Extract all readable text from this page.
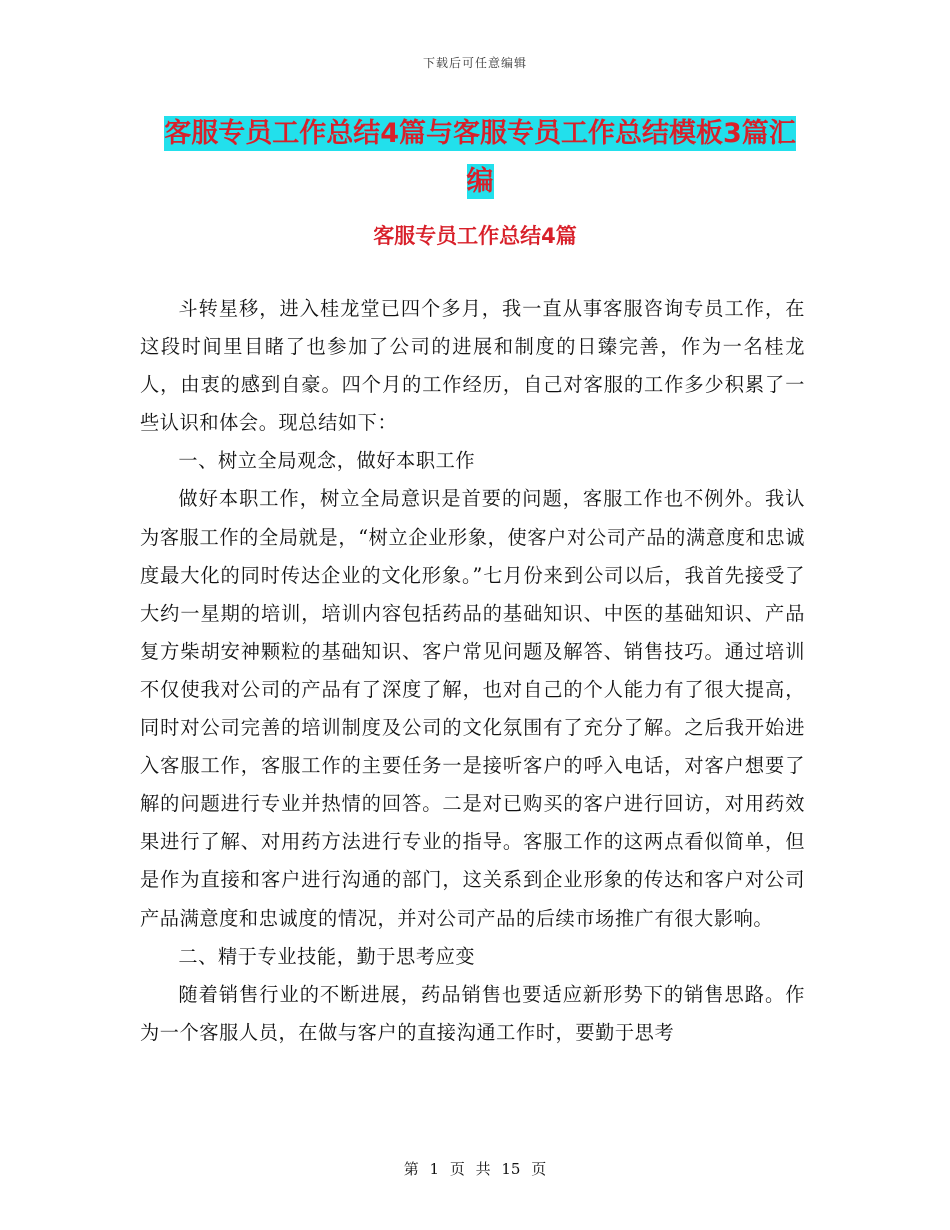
下载后可任意编辑
客服专员工作总结4篇与客服专员工作总结模板3篇汇编
客服专员工作总结4篇

斗转星移，进入桂龙堂已四个多月，我一直从事客服咨询专员工作，在这段时间里目睹了也参加了公司的进展和制度的日臻完善，作为一名桂龙人，由衷的感到自豪。四个月的工作经历，自己对客服的工作多少积累了一些认识和体会。现总结如下：

一、树立全局观念，做好本职工作

做好本职工作，树立全局意识是首要的问题，客服工作也不例外。我认为客服工作的全局就是，“树立企业形象，使客户对公司产品的满意度和忠诚度最大化的同时传达企业的文化形象。”七月份来到公司以后，我首先接受了大约一星期的培训，培训内容包括药品的基础知识、中医的基础知识、产品复方柴胡安神颗粒的基础知识、客户常见问题及解答、销售技巧。通过培训不仅使我对公司的产品有了深度了解，也对自己的个人能力有了很大提高，同时对公司完善的培训制度及公司的文化氛围有了充分了解。之后我开始进入客服工作，客服工作的主要任务一是接听客户的呼入电话，对客户想要了解的问题进行专业并热情的回答。二是对已购买的客户进行回访，对用药效果进行了解、对用药方法进行专业的指导。客服工作的这两点看似简单，但是作为直接和客户进行沟通的部门，这关系到企业形象的传达和客户对公司产品满意度和忠诚度的情况，并对公司产品的后续市场推广有很大影响。

二、精于专业技能，勤于思考应变

随着销售行业的不断进展，药品销售也要适应新形势下的销售思路。作为一个客服人员，在做与客户的直接沟通工作时，要勤于思考

第 1 页 共 15 页
